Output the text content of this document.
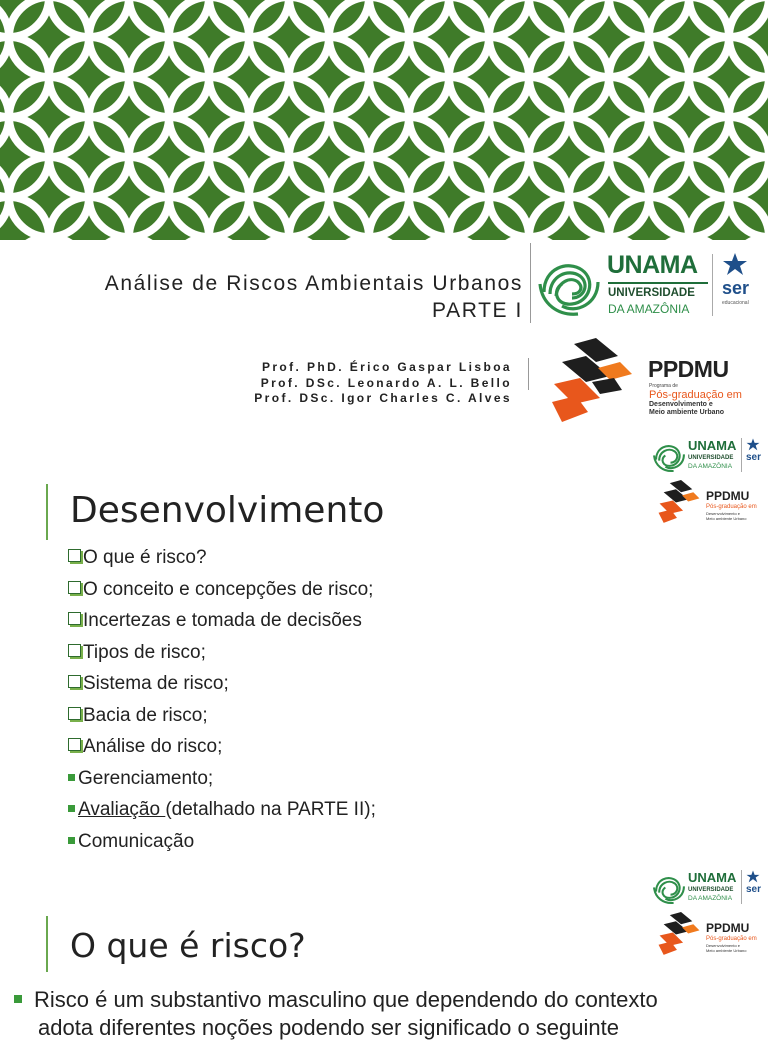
Análise de Riscos Ambientais Urbanos
PARTE I
UNAMA
UNIVERSIDADE
DA AMAZÔNIA
ser
educacional
Prof. PhD. Érico Gaspar Lisboa
Prof. DSc. Leonardo A. L. Bello
Prof. DSc. Igor Charles C. Alves
PPDMU
Programa de
Pós-graduação em
Desenvolvimento e
Meio ambiente Urbano
UNAMA
UNIVERSIDADE
DA AMAZÔNIA
ser
PPDMU
Pós-graduação em
Desenvolvimento e
Meio ambiente Urbano
Desenvolvimento
O que é risco?
O conceito e concepções de risco;
Incertezas e tomada de decisões
Tipos de risco;
Sistema de risco;
Bacia de risco;
Análise do risco;
Gerenciamento;
Avaliação (detalhado na PARTE II);
Comunicação
UNAMA
UNIVERSIDADE
DA AMAZÔNIA
ser
PPDMU
Pós-graduação em
Desenvolvimento e
Meio ambiente Urbano
O que é risco?
Risco é um substantivo masculino que dependendo do contexto
adota diferentes noções podendo ser significado o seguinte
